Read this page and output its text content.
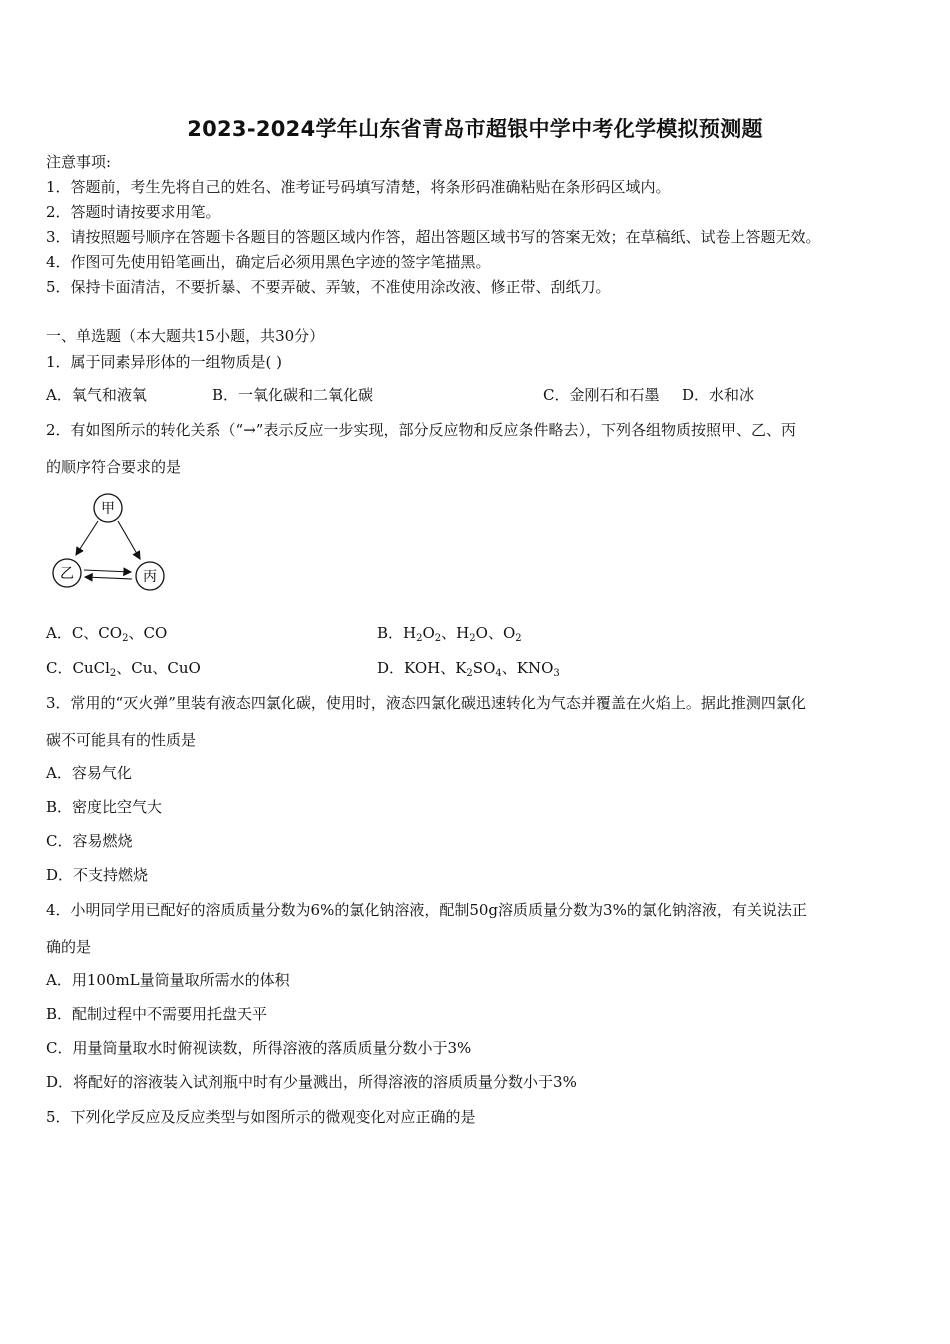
2023-2024学年山东省青岛市超银中学中考化学模拟预测题
注意事项:
1．答题前，考生先将自己的姓名、准考证号码填写清楚，将条形码准确粘贴在条形码区域内。
2．答题时请按要求用笔。
3．请按照题号顺序在答题卡各题目的答题区域内作答，超出答题区域书写的答案无效；在草稿纸、试卷上答题无效。
4．作图可先使用铅笔画出，确定后必须用黑色字迹的签字笔描黑。
5．保持卡面清洁，不要折暴、不要弄破、弄皱，不准使用涂改液、修正带、刮纸刀。
一、单选题（本大题共15小题，共30分）
1．属于同素异形体的一组物质是( )
A．氧气和液氧	B．一氧化碳和二氧化碳	C．金刚石和石墨 D．水和冰
2．有如图所示的转化关系（“→”表示反应一步实现，部分反应物和反应条件略去），下列各组物质按照甲、乙、丙
的顺序符合要求的是
甲
乙	丙
A．C、$CO_2$、CO	B．$H_2O_2$、$H_2O$、$O_2$
C．CuCl$_2$、Cu、CuO	D．KOH、$K_2SO_4$、$KNO_3$
3．常用的“灭火弹”里装有液态四氯化碳，使用时，液态四氯化碳迅速转化为气态并覆盖在火焰上。据此推测四氯化
碳不可能具有的性质是
A．容易气化
B．密度比空气大
C．容易燃烧
D．不支持燃烧
4．小明同学用已配好的溶质质量分数为6%的氯化钠溶液，配制50g溶质质量分数为3%的氯化钠溶液，有关说法正
确的是
A．用100mL量筒量取所需水的体积
B．配制过程中不需要用托盘天平
C．用量筒量取水时俯视读数，所得溶液的落质质量分数小于3%
D．将配好的溶液装入试剂瓶中时有少量溅出，所得溶液的溶质质量分数小于3%
5．下列化学反应及反应类型与如图所示的微观变化对应正确的是
